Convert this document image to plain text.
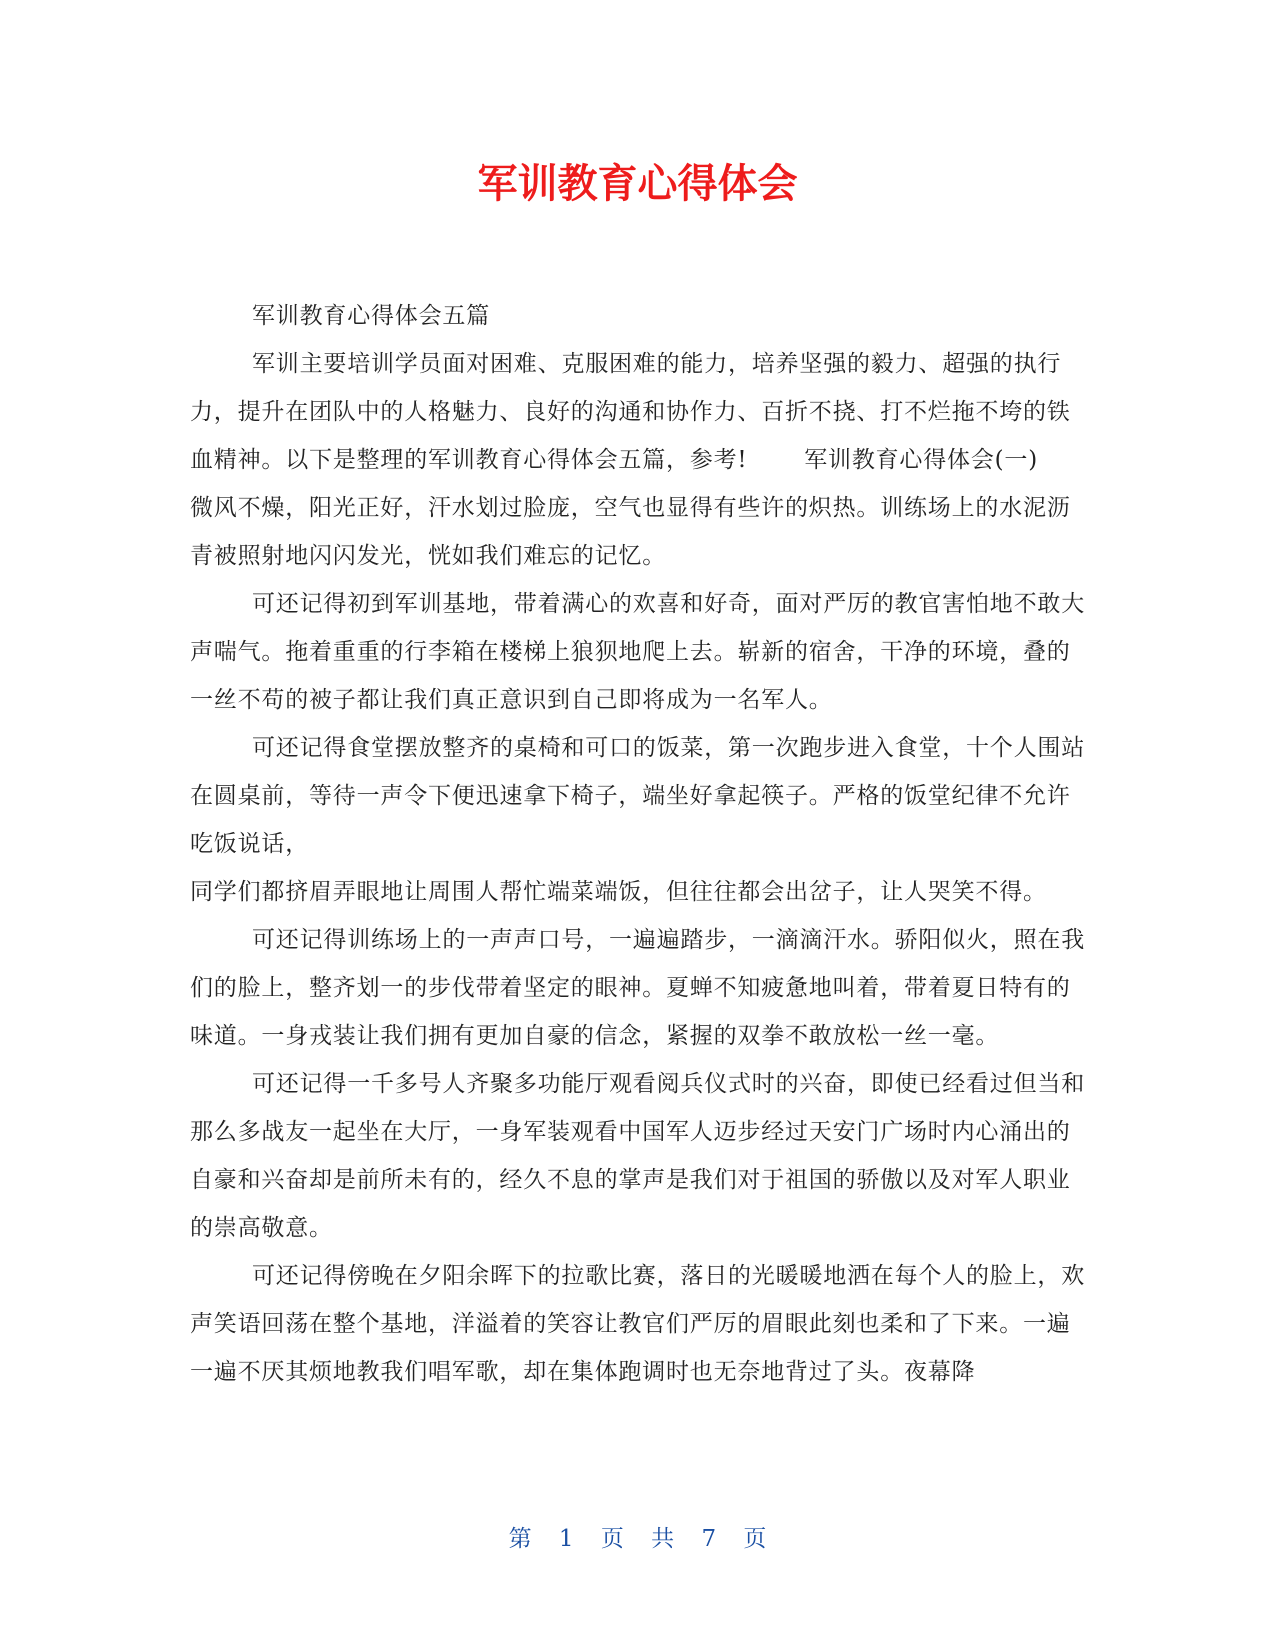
军训教育心得体会

军训教育心得体会五篇

军训主要培训学员面对困难、克服困难的能力，培养坚强的毅力、超强的执行力，提升在团队中的人格魅力、良好的沟通和协作力、百折不挠、打不烂拖不垮的铁血精神。以下是整理的军训教育心得体会五篇，参考!       军训教育心得体会(一)

微风不燥，阳光正好，汗水划过脸庞，空气也显得有些许的炽热。训练场上的水泥沥青被照射地闪闪发光，恍如我们难忘的记忆。

可还记得初到军训基地，带着满心的欢喜和好奇，面对严厉的教官害怕地不敢大声喘气。拖着重重的行李箱在楼梯上狼狈地爬上去。崭新的宿舍，干净的环境，叠的一丝不苟的被子都让我们真正意识到自己即将成为一名军人。

可还记得食堂摆放整齐的桌椅和可口的饭菜，第一次跑步进入食堂，十个人围站在圆桌前，等待一声令下便迅速拿下椅子，端坐好拿起筷子。严格的饭堂纪律不允许吃饭说话，

同学们都挤眉弄眼地让周围人帮忙端菜端饭，但往往都会出岔子，让人哭笑不得。

可还记得训练场上的一声声口号，一遍遍踏步，一滴滴汗水。骄阳似火，照在我们的脸上，整齐划一的步伐带着坚定的眼神。夏蝉不知疲惫地叫着，带着夏日特有的味道。一身戎装让我们拥有更加自豪的信念，紧握的双拳不敢放松一丝一毫。

可还记得一千多号人齐聚多功能厅观看阅兵仪式时的兴奋，即使已经看过但当和那么多战友一起坐在大厅，一身军装观看中国军人迈步经过天安门广场时内心涌出的自豪和兴奋却是前所未有的，经久不息的掌声是我们对于祖国的骄傲以及对军人职业的崇高敬意。

可还记得傍晚在夕阳余晖下的拉歌比赛，落日的光暖暖地洒在每个人的脸上，欢声笑语回荡在整个基地，洋溢着的笑容让教官们严厉的眉眼此刻也柔和了下来。一遍一遍不厌其烦地教我们唱军歌，却在集体跑调时也无奈地背过了头。夜幕降

第 1 页 共 7 页
